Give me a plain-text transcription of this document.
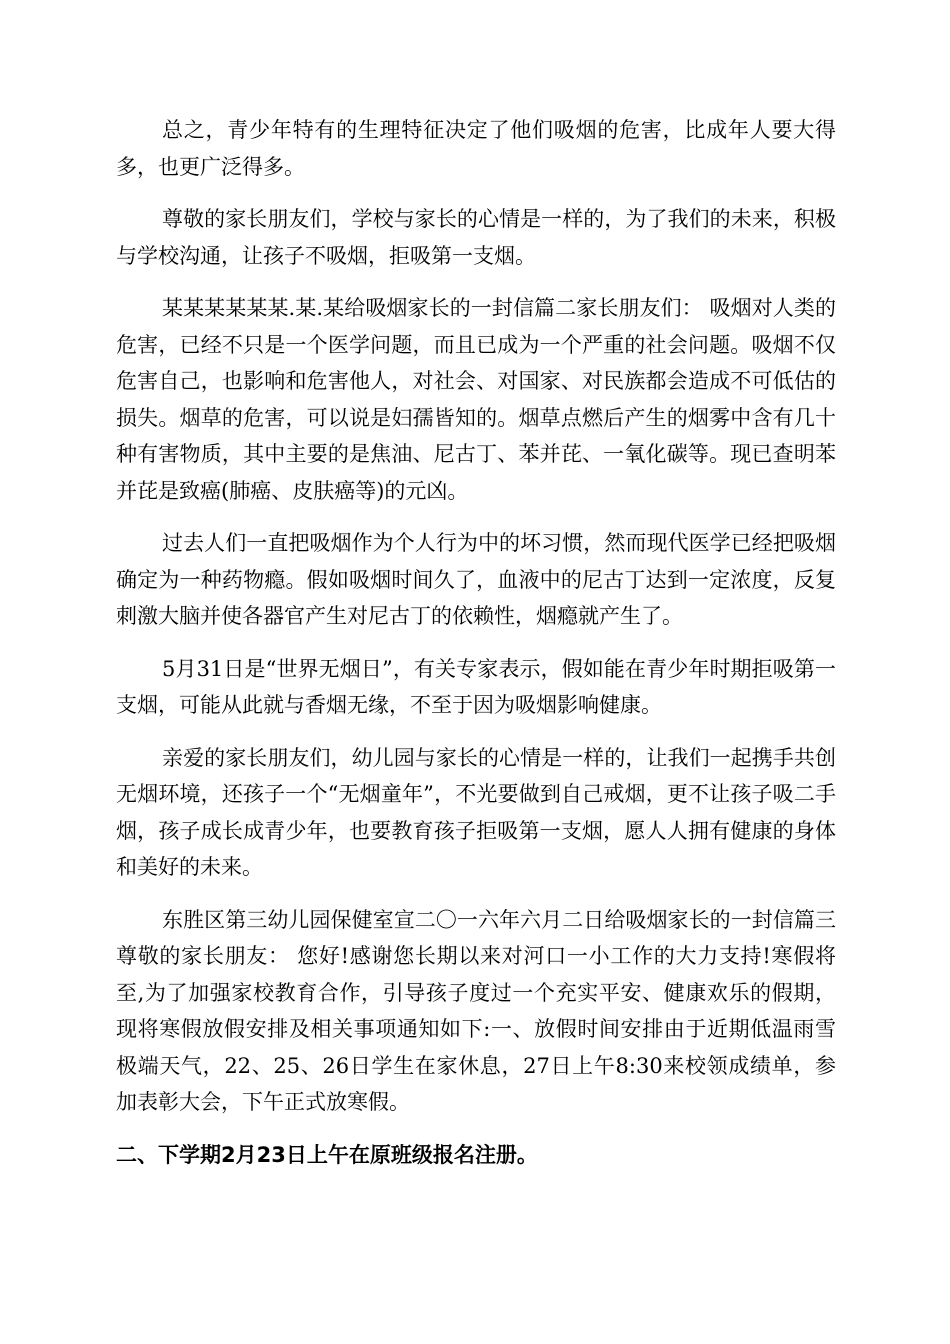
总之，青少年特有的生理特征决定了他们吸烟的危害，比成年人要大得多，也更广泛得多。

尊敬的家长朋友们，学校与家长的心情是一样的，为了我们的未来，积极与学校沟通，让孩子不吸烟，拒吸第一支烟。

某某某某某某.某.某给吸烟家长的一封信篇二家长朋友们： 吸烟对人类的危害，已经不只是一个医学问题，而且已成为一个严重的社会问题。吸烟不仅危害自己，也影响和危害他人，对社会、对国家、对民族都会造成不可低估的损失。烟草的危害，可以说是妇孺皆知的。烟草点燃后产生的烟雾中含有几十种有害物质，其中主要的是焦油、尼古丁、苯并芘、一氧化碳等。现已查明苯并芘是致癌(肺癌、皮肤癌等)的元凶。

过去人们一直把吸烟作为个人行为中的坏习惯，然而现代医学已经把吸烟确定为一种药物瘾。假如吸烟时间久了，血液中的尼古丁达到一定浓度，反复刺激大脑并使各器官产生对尼古丁的依赖性，烟瘾就产生了。

5月31日是“世界无烟日”，有关专家表示，假如能在青少年时期拒吸第一支烟，可能从此就与香烟无缘，不至于因为吸烟影响健康。

亲爱的家长朋友们，幼儿园与家长的心情是一样的，让我们一起携手共创无烟环境，还孩子一个“无烟童年”，不光要做到自己戒烟，更不让孩子吸二手烟，孩子成长成青少年，也要教育孩子拒吸第一支烟，愿人人拥有健康的身体和美好的未来。

东胜区第三幼儿园保健室宣二〇一六年六月二日给吸烟家长的一封信篇三尊敬的家长朋友： 您好!感谢您长期以来对河口一小工作的大力支持!寒假将至,为了加强家校教育合作，引导孩子度过一个充实平安、健康欢乐的假期，现将寒假放假安排及相关事项通知如下:一、放假时间安排由于近期低温雨雪极端天气，22、25、26日学生在家休息，27日上午8:30来校领成绩单，参加表彰大会，下午正式放寒假。

二、下学期2月23日上午在原班级报名注册。
